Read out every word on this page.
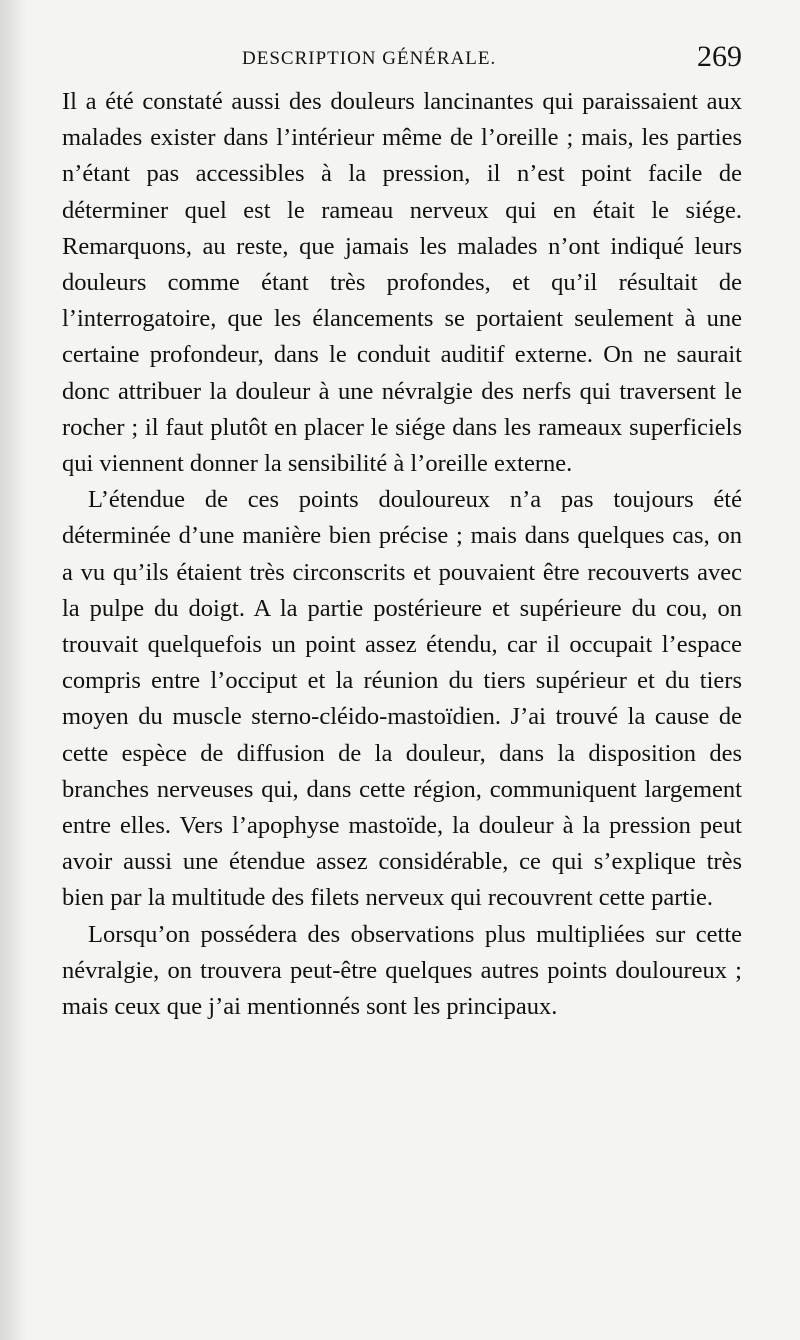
DESCRIPTION GÉNÉRALE.	269

Il a été constaté aussi des douleurs lancinantes qui paraissaient aux malades exister dans l’intérieur même de l’oreille ; mais, les parties n’étant pas accessibles à la pression, il n’est point facile de déterminer quel est le rameau nerveux qui en était le siége. Remarquons, au reste, que jamais les malades n’ont indiqué leurs douleurs comme étant très profondes, et qu’il résultait de l’interrogatoire, que les élancements se portaient seulement à une certaine profondeur, dans le conduit auditif externe. On ne saurait donc attribuer la douleur à une névralgie des nerfs qui traversent le rocher ; il faut plutôt en placer le siége dans les rameaux superficiels qui viennent donner la sensibilité à l’oreille externe.

L’étendue de ces points douloureux n’a pas toujours été déterminée d’une manière bien précise ; mais dans quelques cas, on a vu qu’ils étaient très circonscrits et pouvaient être recouverts avec la pulpe du doigt. A la partie postérieure et supérieure du cou, on trouvait quelquefois un point assez étendu, car il occupait l’espace compris entre l’occiput et la réunion du tiers supérieur et du tiers moyen du muscle sterno-cléido-mastoïdien. J’ai trouvé la cause de cette espèce de diffusion de la douleur, dans la disposition des branches nerveuses qui, dans cette région, communiquent largement entre elles. Vers l’apophyse mastoïde, la douleur à la pression peut avoir aussi une étendue assez considérable, ce qui s’explique très bien par la multitude des filets nerveux qui recouvrent cette partie.

Lorsqu’on possédera des observations plus multipliées sur cette névralgie, on trouvera peut-être quelques autres points douloureux ; mais ceux que j’ai mentionnés sont les principaux.
